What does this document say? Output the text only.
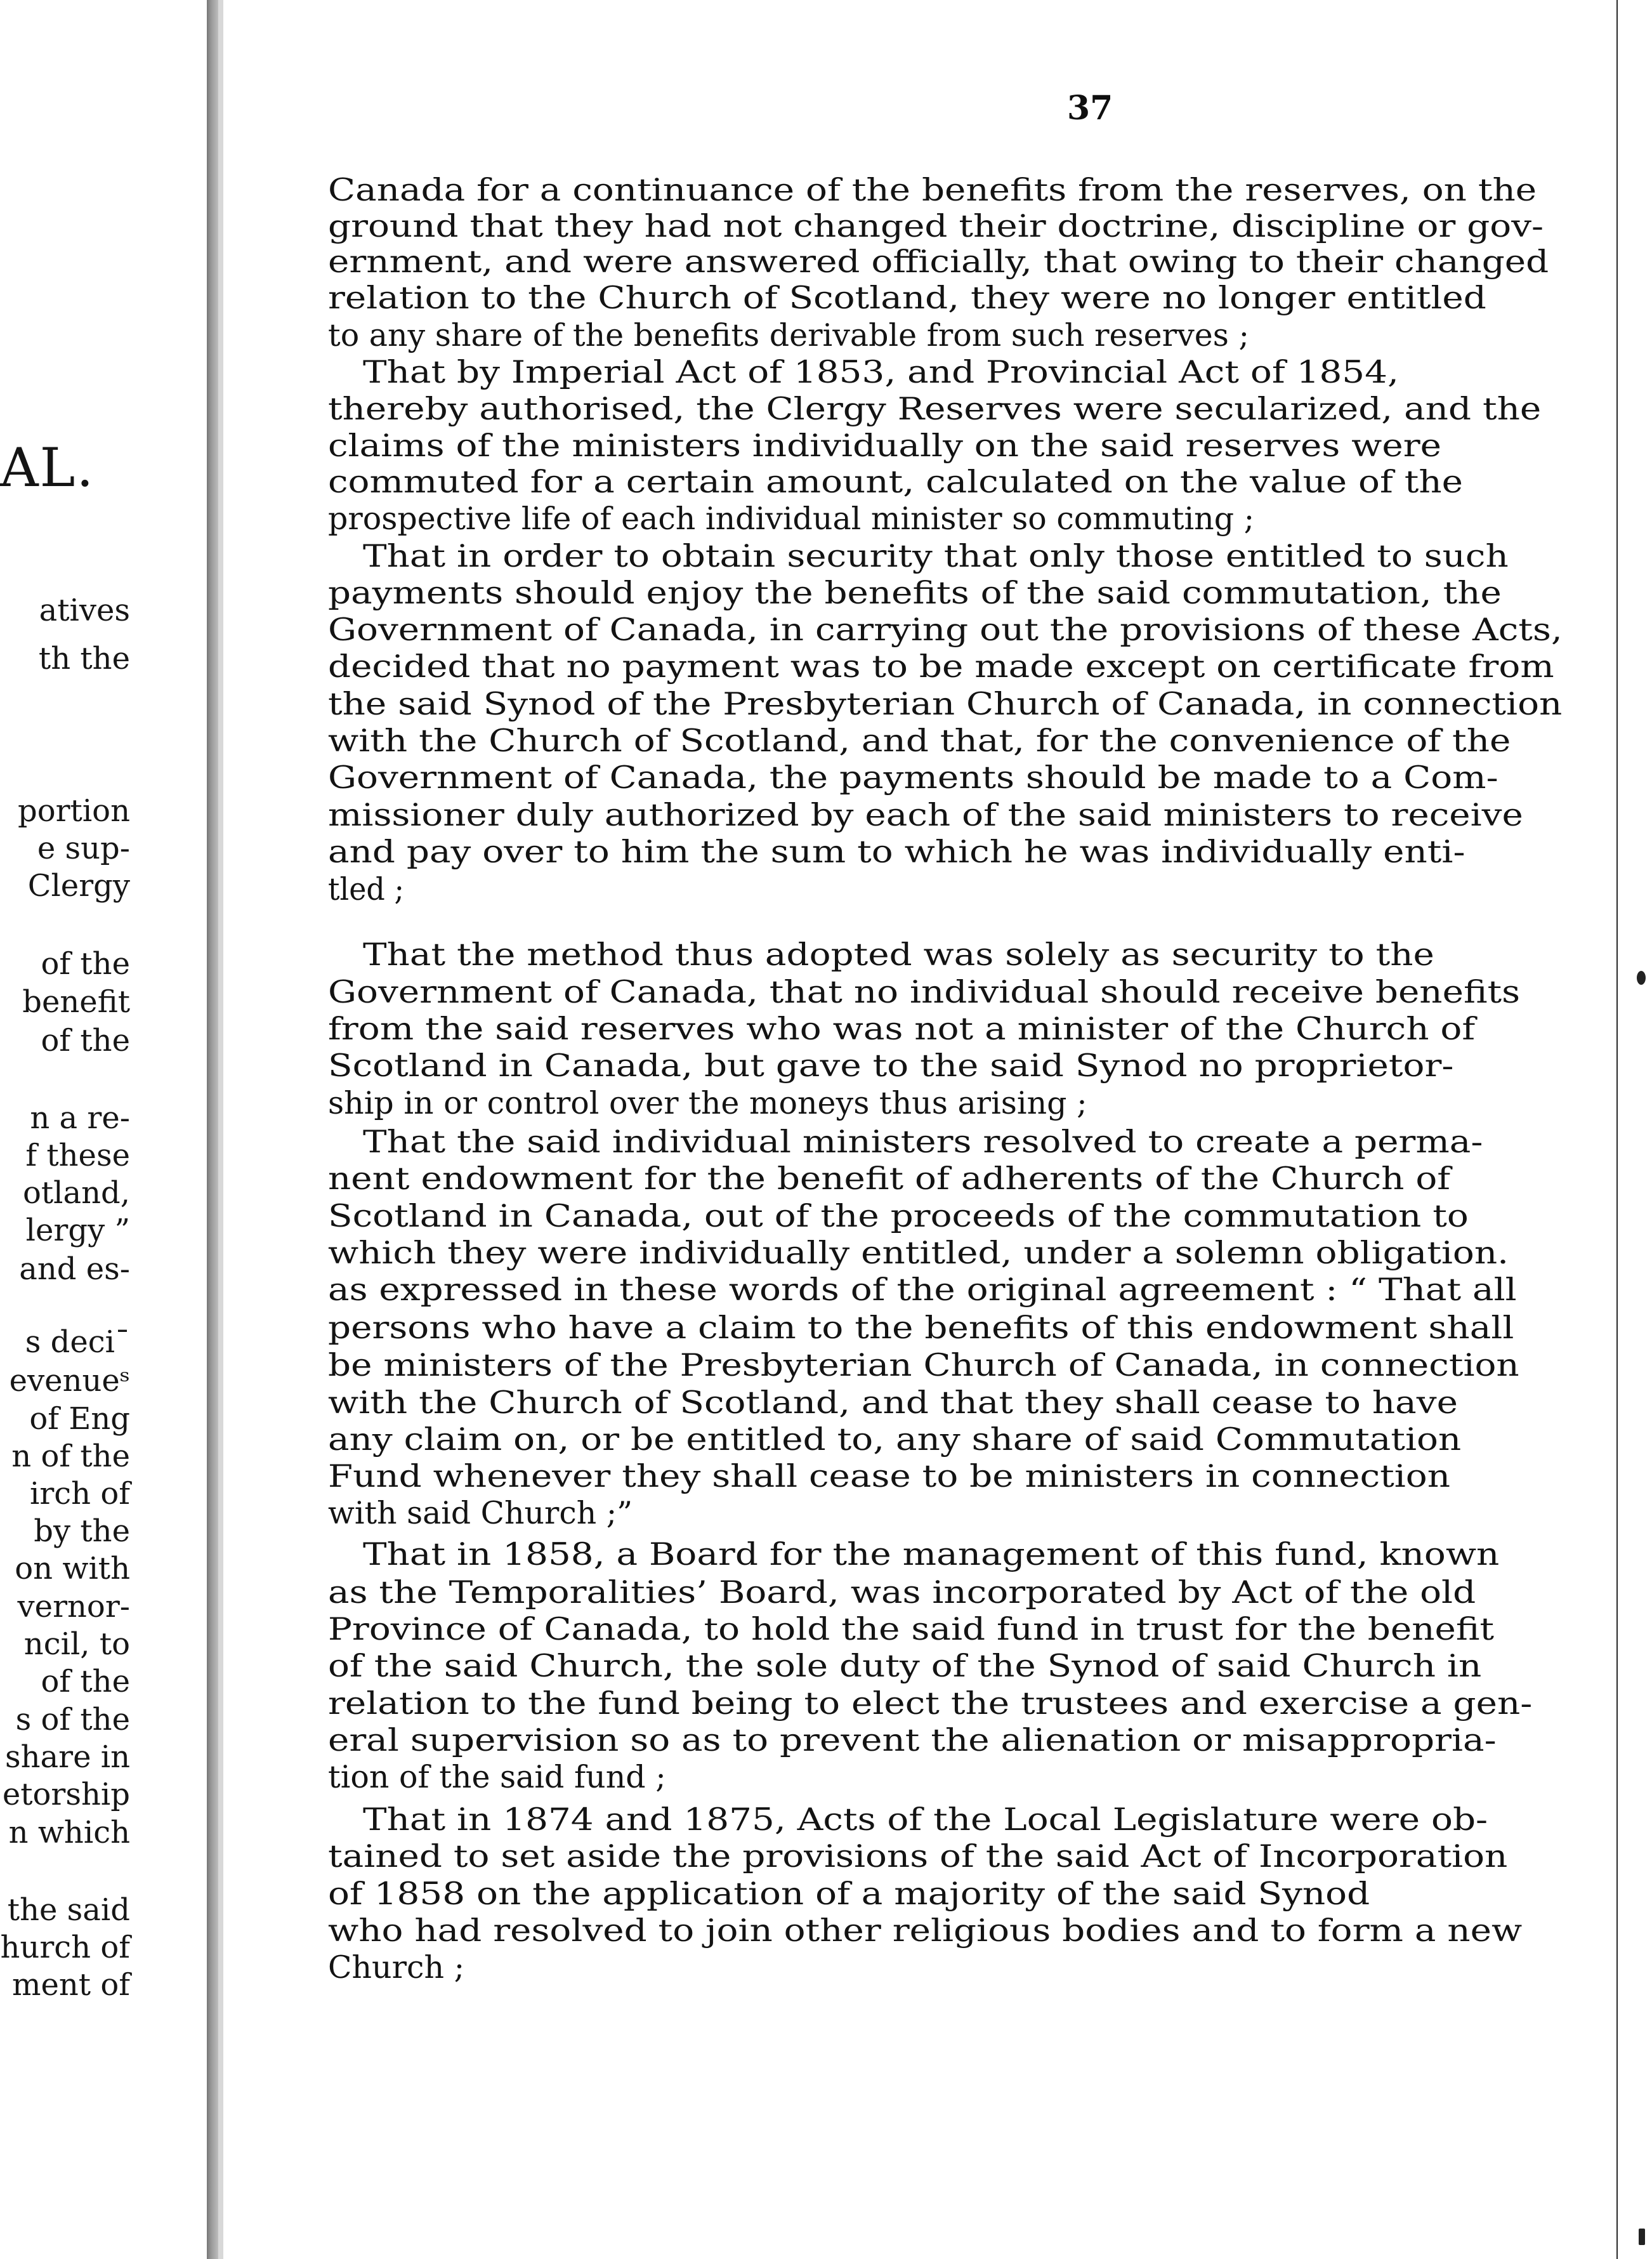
AL.
atives
th the
portion
e sup-
Clergy
of the
benefit
of the
n a re-
f these
otland,
lergy ”
and es-
s deci¯
evenueˢ
of Eng
n of the
irch of
by the
on with
vernor-
ncil, to
of the
s of the
share in
etorship
n which
the said
hurch of
ment of
37
Canada for a continuance of the benefits from the reserves, on the
ground that they had not changed their doctrine, discipline or gov-
ernment, and were answered officially, that owing to their changed
relation to the Church of Scotland, they were no longer entitled
to any share of the benefits derivable from such reserves ;
That by Imperial Act of 1853, and Provincial Act of 1854,
thereby authorised, the Clergy Reserves were secularized, and the
claims of the ministers individually on the said reserves were
commuted for a certain amount, calculated on the value of the
prospective life of each individual minister so commuting ;
That in order to obtain security that only those entitled to such
payments should enjoy the benefits of the said commutation, the
Government of Canada, in carrying out the provisions of these Acts,
decided that no payment was to be made except on certificate from
the said Synod of the Presbyterian Church of Canada, in connection
with the Church of Scotland, and that, for the convenience of the
Government of Canada, the payments should be made to a Com-
missioner duly authorized by each of the said ministers to receive
and pay over to him the sum to which he was individually enti-
tled ;
That the method thus adopted was solely as security to the
Government of Canada, that no individual should receive benefits
from the said reserves who was not a minister of the Church of
Scotland in Canada, but gave to the said Synod no proprietor-
ship in or control over the moneys thus arising ;
That the said individual ministers resolved to create a perma-
nent endowment for the benefit of adherents of the Church of
Scotland in Canada, out of the proceeds of the commutation to
which they were individually entitled, under a solemn obligation.
as expressed in these words of the original agreement : “ That all
persons who have a claim to the benefits of this endowment shall
be ministers of the Presbyterian Church of Canada, in connection
with the Church of Scotland, and that they shall cease to have
any claim on, or be entitled to, any share of said Commutation
Fund whenever they shall cease to be ministers in connection
with said Church ;”
That in 1858, a Board for the management of this fund, known
as the Temporalities’ Board, was incorporated by Act of the old
Province of Canada, to hold the said fund in trust for the benefit
of the said Church, the sole duty of the Synod of said Church in
relation to the fund being to elect the trustees and exercise a gen-
eral supervision so as to prevent the alienation or misappropria-
tion of the said fund ;
That in 1874 and 1875, Acts of the Local Legislature were ob-
tained to set aside the provisions of the said Act of Incorporation
of 1858 on the application of a majority of the said Synod
who had resolved to join other religious bodies and to form a new
Church ;
